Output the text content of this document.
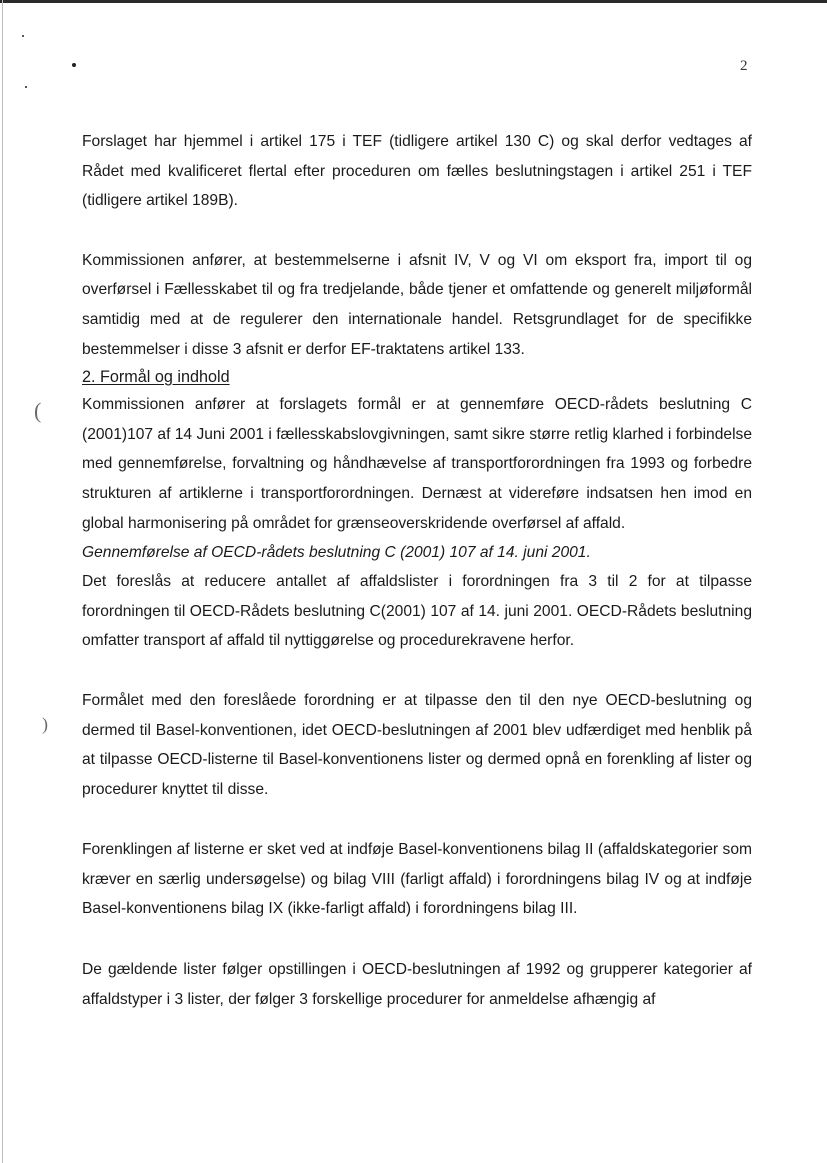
(
)
2

Forslaget har hjemmel i artikel 175 i TEF (tidligere artikel 130 C) og skal derfor vedtages af Rådet med kvalificeret flertal efter proceduren om fælles beslutningstagen i artikel 251 i TEF (tidligere artikel 189B).

Kommissionen anfører, at bestemmelserne i afsnit IV, V og VI om eksport fra, import til og overførsel i Fællesskabet til og fra tredjelande, både tjener et omfattende og generelt miljøformål samtidig med at de regulerer den internationale handel. Retsgrundlaget for de specifikke bestemmelser i disse 3 afsnit er derfor EF-traktatens artikel 133.

2. Formål og indhold

Kommissionen anfører at forslagets formål er at gennemføre OECD-rådets beslutning C (2001)107 af 14 Juni 2001 i fællesskabslovgivningen, samt sikre større retlig klarhed i forbindelse med gennemførelse, forvaltning og håndhævelse af transportforordningen fra 1993 og forbedre strukturen af artiklerne i transportforordningen. Dernæst at videreføre indsatsen hen imod en global harmonisering på området for grænseoverskridende overførsel af affald.

Gennemførelse af OECD-rådets beslutning C (2001) 107 af 14. juni 2001.

Det foreslås at reducere antallet af affaldslister i forordningen fra 3 til 2 for at tilpasse forordningen til OECD-Rådets beslutning C(2001) 107 af 14. juni 2001. OECD-Rådets beslutning omfatter transport af affald til nyttiggørelse og procedurekravene herfor.

Formålet med den foreslåede forordning er at tilpasse den til den nye OECD-beslutning og dermed til Basel-konventionen, idet OECD-beslutningen af 2001 blev udfærdiget med henblik på at tilpasse OECD-listerne til Basel-konventionens lister og dermed opnå en forenkling af lister og procedurer knyttet til disse.

Forenklingen af listerne er sket ved at indføje Basel-konventionens bilag II (affaldskategorier som kræver en særlig undersøgelse) og bilag VIII (farligt affald) i forordningens bilag IV og at indføje Basel-konventionens bilag IX (ikke-farligt affald) i forordningens bilag III.

De gældende lister følger opstillingen i OECD-beslutningen af 1992 og grupperer kategorier af affaldstyper i 3 lister, der følger 3 forskellige procedurer for anmeldelse afhængig af
